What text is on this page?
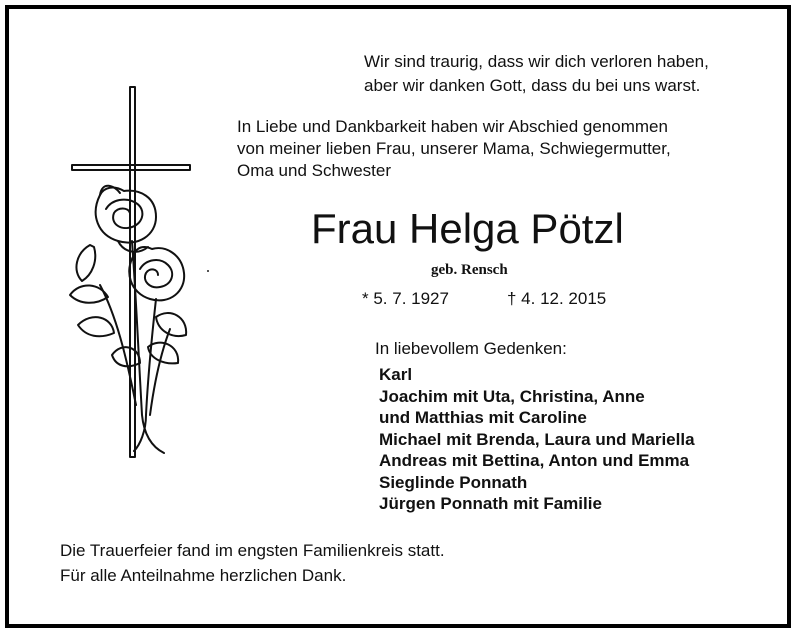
Wir sind traurig, dass wir dich verloren haben,
aber wir danken Gott, dass du bei uns warst.
In Liebe und Dankbarkeit haben wir Abschied genommen
von meiner lieben Frau, unserer Mama, Schwiegermutter,
Oma und Schwester
Frau Helga Pötzl
geb. Rensch
* 5. 7. 1927	† 4. 12. 2015
In liebevollem Gedenken:
Karl
Joachim mit Uta, Christina, Anne
und Matthias mit Caroline
Michael mit Brenda, Laura und Mariella
Andreas mit Bettina, Anton und Emma
Sieglinde Ponnath
Jürgen Ponnath mit Familie
Die Trauerfeier fand im engsten Familienkreis statt.
Für alle Anteilnahme herzlichen Dank.
